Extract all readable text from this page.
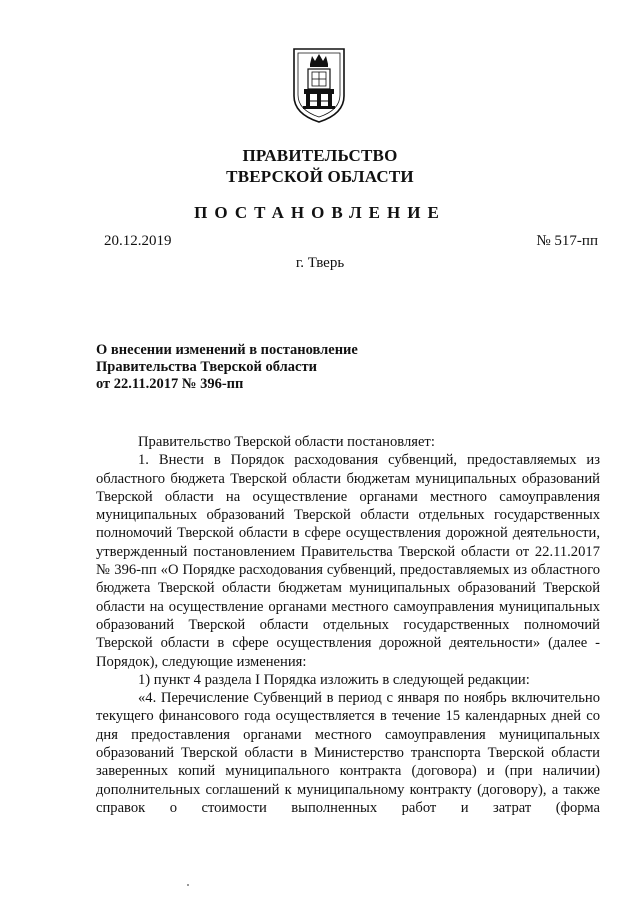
ПРАВИТЕЛЬСТВО
ТВЕРСКОЙ ОБЛАСТИ
ПОСТАНОВЛЕНИЕ
20.12.2019	№ 517-пп
г. Тверь
О внесении изменений в постановление
Правительства Тверской области
от 22.11.2017 № 396-пп

Правительство Тверской области постановляет:

1. Внести в Порядок расходования субвенций, предоставляемых из областного бюджета Тверской области бюджетам муниципальных образований Тверской области на осуществление органами местного самоуправления муниципальных образований Тверской области отдельных государственных полномочий Тверской области в сфере осуществления дорожной деятельности, утвержденный постановлением Правительства Тверской области от 22.11.2017 № 396-пп «О Порядке расходования субвенций, предоставляемых из областного бюджета Тверской области бюджетам муниципальных образований Тверской области на осуществление органами местного самоуправления муниципальных образований Тверской области отдельных государственных полномочий Тверской области в сфере осуществления дорожной деятельности» (далее - Порядок), следующие изменения:

1) пункт 4 раздела I Порядка изложить в следующей редакции:

«4. Перечисление Субвенций в период с января по ноябрь включительно текущего финансового года осуществляется в течение 15 календарных дней со дня предоставления органами местного самоуправления муниципальных образований Тверской области в Министерство транспорта Тверской области заверенных копий муниципального контракта (договора) и (при наличии) дополнительных соглашений к муниципальному контракту (договору), а также справок о стоимости выполненных работ и затрат (форма
